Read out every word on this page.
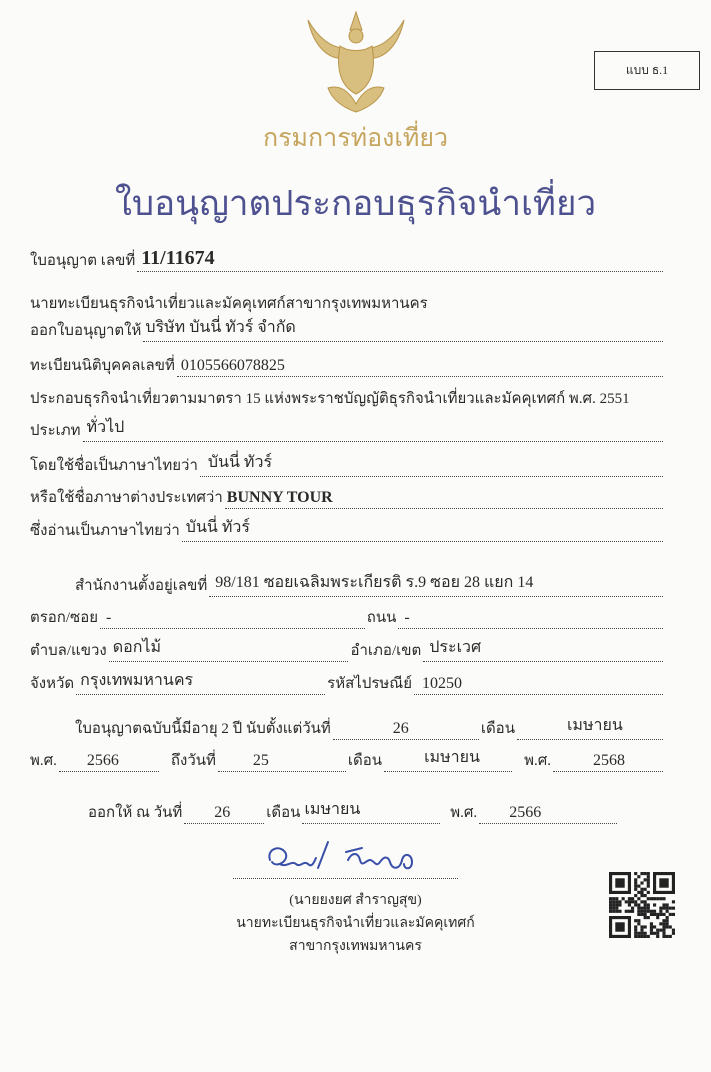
แบบ ธ.1
กรมการท่องเที่ยว
ใบอนุญาตประกอบธุรกิจนำเที่ยว
ใบอนุญาต เลขที่ 11/11674
นายทะเบียนธุรกิจนำเที่ยวและมัคคุเทศก์สาขากรุงเทพมหานคร
ออกใบอนุญาตให้ บริษัท บันนี่ ทัวร์ จำกัด
ทะเบียนนิติบุคคลเลขที่ 0105566078825
ประกอบธุรกิจนำเที่ยวตามมาตรา 15 แห่งพระราชบัญญัติธุรกิจนำเที่ยวและมัคคุเทศก์ พ.ศ. 2551
ประเภท ทั่วไป
โดยใช้ชื่อเป็นภาษาไทยว่า บันนี่ ทัวร์
หรือใช้ชื่อภาษาต่างประเทศว่า BUNNY TOUR
ซึ่งอ่านเป็นภาษาไทยว่า บันนี่ ทัวร์
สำนักงานตั้งอยู่เลขที่ 98/181 ซอยเฉลิมพระเกียรติ ร.9 ซอย 28 แยก 14
ตรอก/ซอย -	ถนน -
ตำบล/แขวง ดอกไม้	อำเภอ/เขต ประเวศ
จังหวัด กรุงเทพมหานคร	รหัสไปรษณีย์ 10250
ใบอนุญาตฉบับนี้มีอายุ 2 ปี นับตั้งแต่วันที่	26	เดือน	เมษายน
พ.ศ. 2566	ถึงวันที่ 25	เดือน	เมษายน	พ.ศ.	2568
ออกให้ ณ วันที่ 26 เดือน เมษายน	พ.ศ. 2566
(นายยงยศ สำราญสุข)
นายทะเบียนธุรกิจนำเที่ยวและมัคคุเทศก์
สาขากรุงเทพมหานคร
